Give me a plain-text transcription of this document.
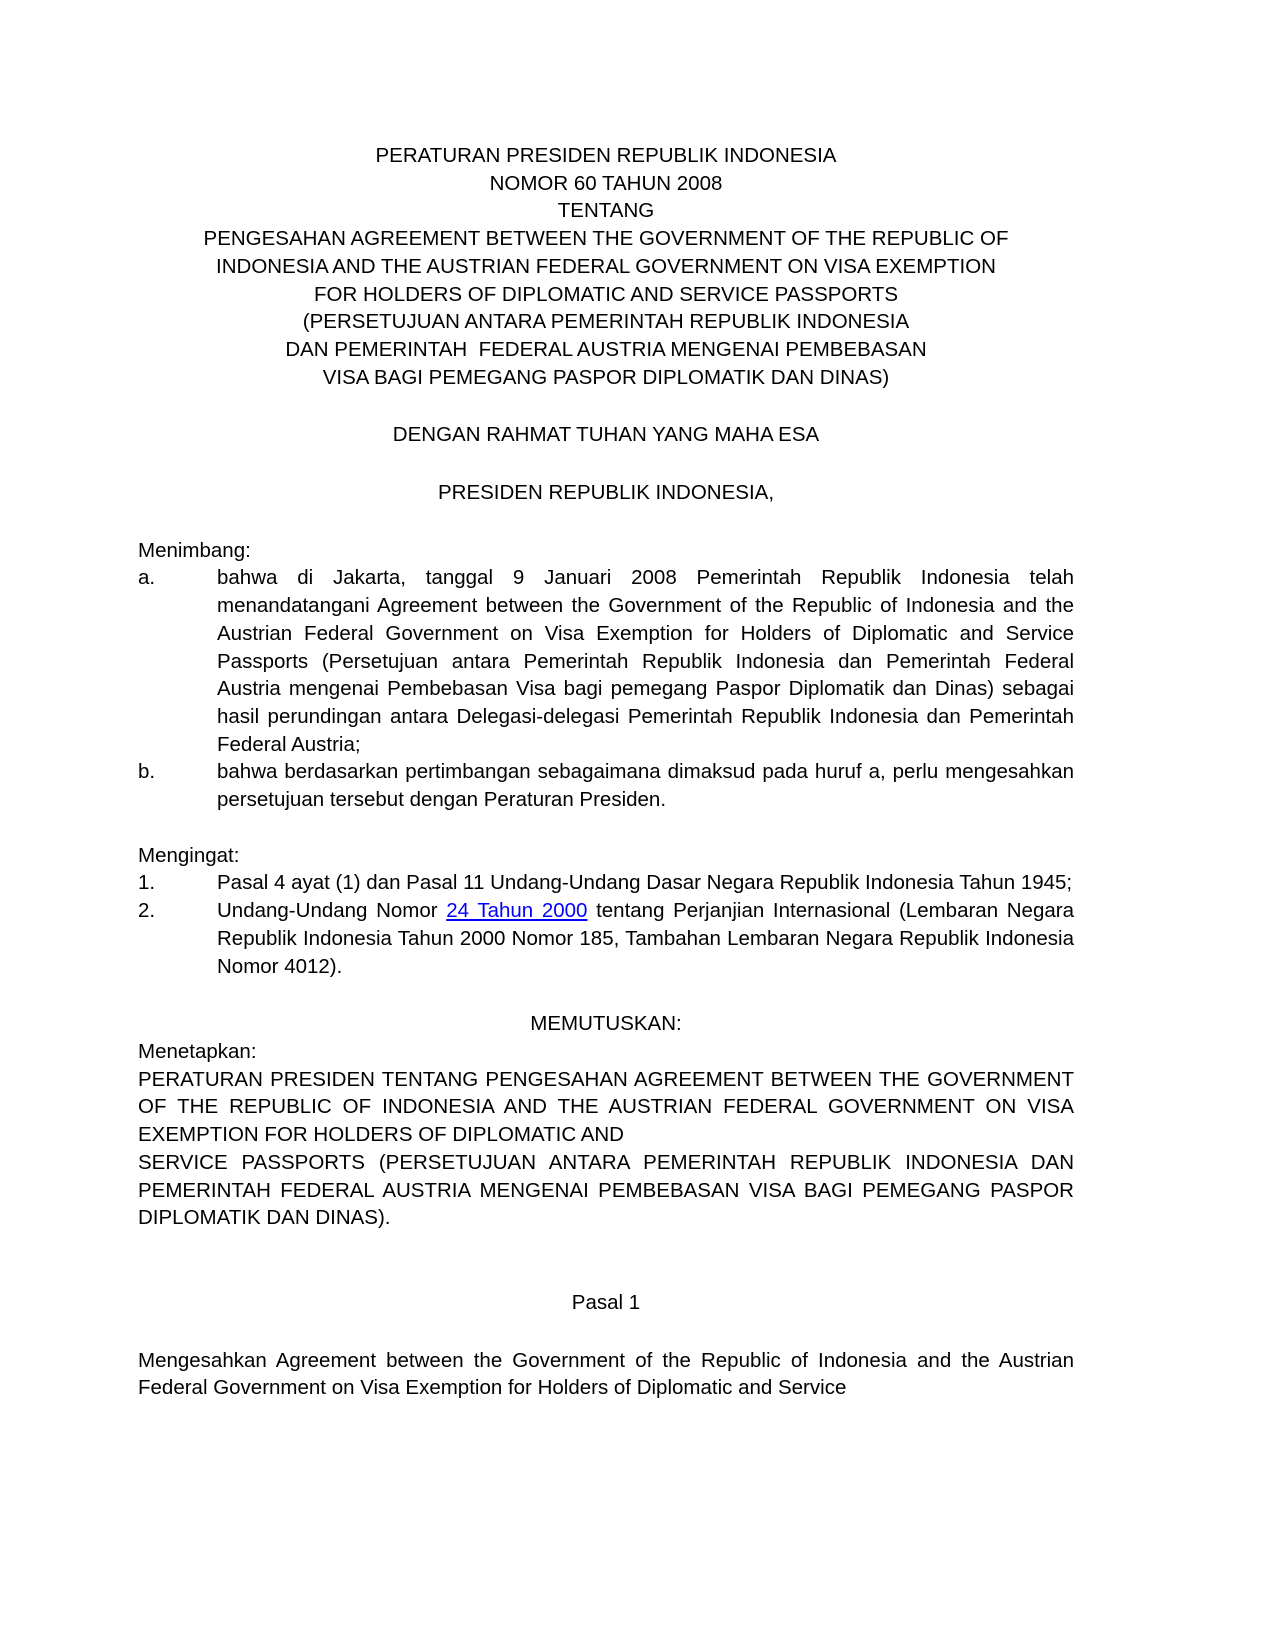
PERATURAN PRESIDEN REPUBLIK INDONESIA
NOMOR 60 TAHUN 2008
TENTANG
PENGESAHAN AGREEMENT BETWEEN THE GOVERNMENT OF THE REPUBLIC OF
INDONESIA AND THE AUSTRIAN FEDERAL GOVERNMENT ON VISA EXEMPTION
FOR HOLDERS OF DIPLOMATIC AND SERVICE PASSPORTS
(PERSETUJUAN ANTARA PEMERINTAH REPUBLIK INDONESIA
DAN PEMERINTAH  FEDERAL AUSTRIA MENGENAI PEMBEBASAN
VISA BAGI PEMEGANG PASPOR DIPLOMATIK DAN DINAS)
DENGAN RAHMAT TUHAN YANG MAHA ESA
PRESIDEN REPUBLIK INDONESIA,
Menimbang:
a.	bahwa di Jakarta, tanggal 9 Januari 2008 Pemerintah Republik Indonesia telah menandatangani Agreement between the Government of the Republic of Indonesia and the Austrian Federal Government on Visa Exemption for Holders of Diplomatic and Service Passports (Persetujuan antara Pemerintah Republik Indonesia dan Pemerintah Federal Austria mengenai Pembebasan Visa bagi pemegang Paspor Diplomatik dan Dinas) sebagai hasil perundingan antara Delegasi-delegasi Pemerintah Republik Indonesia dan Pemerintah Federal Austria;
b.	bahwa berdasarkan pertimbangan sebagaimana dimaksud pada huruf a, perlu mengesahkan persetujuan tersebut dengan Peraturan Presiden.
Mengingat:
1.	Pasal 4 ayat (1) dan Pasal 11 Undang-Undang Dasar Negara Republik Indonesia Tahun 1945;
2.	Undang-Undang Nomor 24 Tahun 2000 tentang Perjanjian Internasional (Lembaran Negara Republik Indonesia Tahun 2000 Nomor 185, Tambahan Lembaran Negara Republik Indonesia Nomor 4012).
MEMUTUSKAN:
Menetapkan:
PERATURAN PRESIDEN TENTANG PENGESAHAN AGREEMENT BETWEEN THE GOVERNMENT OF THE REPUBLIC OF INDONESIA AND THE AUSTRIAN FEDERAL GOVERNMENT ON VISA EXEMPTION FOR HOLDERS OF DIPLOMATIC AND
SERVICE PASSPORTS (PERSETUJUAN ANTARA PEMERINTAH REPUBLIK INDONESIA DAN PEMERINTAH FEDERAL AUSTRIA MENGENAI PEMBEBASAN VISA BAGI PEMEGANG PASPOR DIPLOMATIK DAN DINAS).
Pasal 1
Mengesahkan Agreement between the Government of the Republic of Indonesia and the Austrian Federal Government on Visa Exemption for Holders of Diplomatic and Service
